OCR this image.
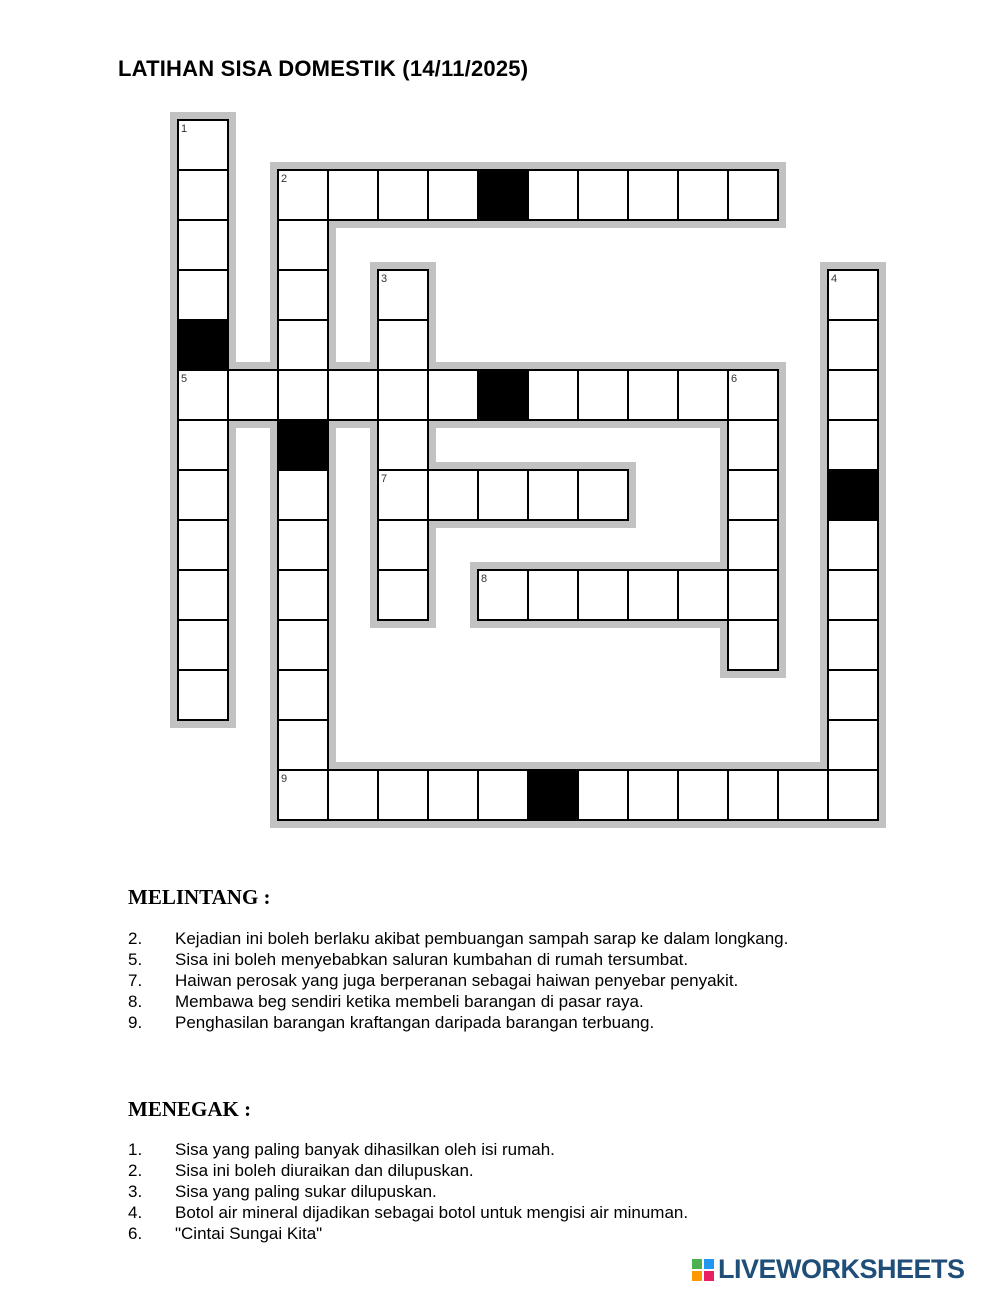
LATIHAN SISA DOMESTIK (14/11/2025)
1
2
3	4
5	6
7
8
9
MELINTANG :
2.	Kejadian ini boleh berlaku akibat pembuangan sampah sarap ke dalam longkang.
5.	Sisa ini boleh menyebabkan saluran kumbahan di rumah tersumbat.
7.	Haiwan perosak yang juga berperanan sebagai haiwan penyebar penyakit.
8.	Membawa beg sendiri ketika membeli barangan di pasar raya.
9.	Penghasilan barangan kraftangan daripada barangan terbuang.
MENEGAK :
1.	Sisa yang paling banyak dihasilkan oleh isi rumah.
2.	Sisa ini boleh diuraikan dan dilupuskan.
3.	Sisa yang paling sukar dilupuskan.
4.	Botol air mineral dijadikan sebagai botol untuk mengisi air minuman.
6.	"Cintai Sungai Kita"
LIVEWORKSHEETS
